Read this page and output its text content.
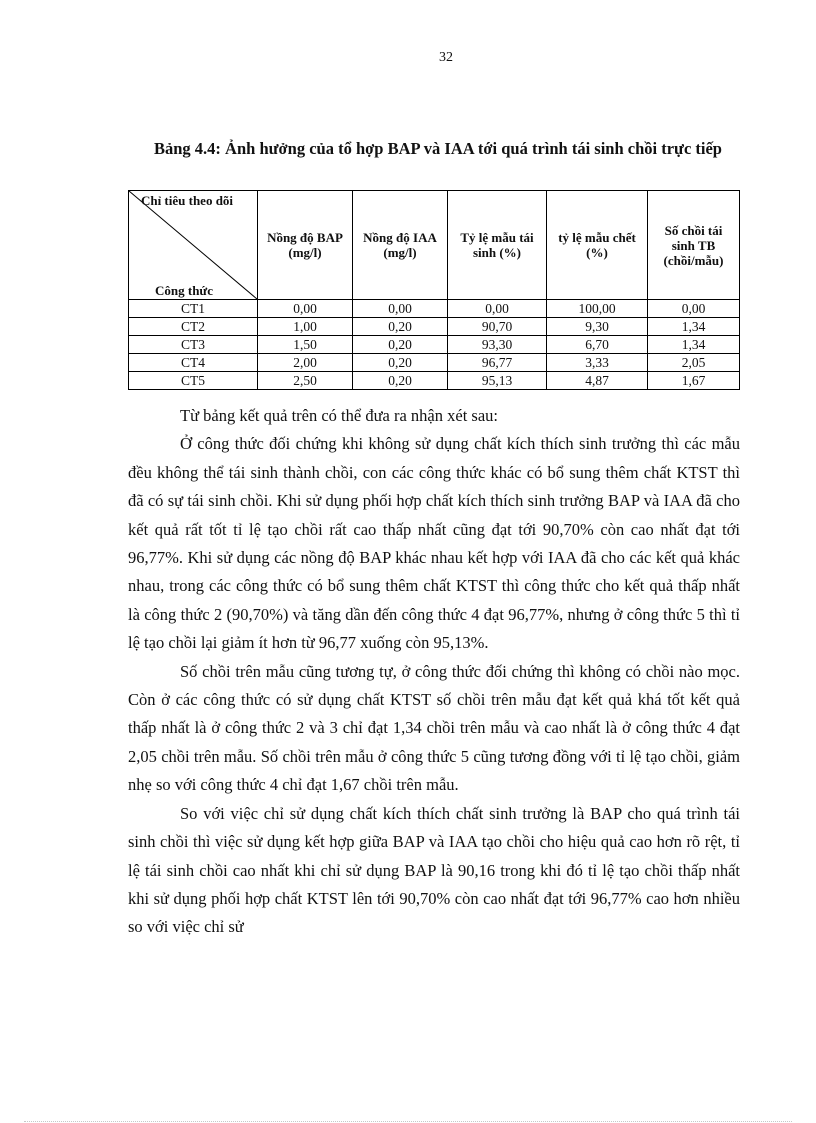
32
Bảng 4.4: Ảnh hưởng của tổ hợp BAP và IAA tới quá trình tái sinh chồi trực tiếp
Chỉ tiêu theo dõi
Công thức	Nồng độ BAP (mg/l)	Nồng độ IAA (mg/l)	Tỷ lệ mẫu tái sinh (%)	tỷ lệ mẫu chết (%)	Số chồi tái sinh TB (chồi/mẫu)
CT1	0,00	0,00	0,00	100,00	0,00
CT2	1,00	0,20	90,70	9,30	1,34
CT3	1,50	0,20	93,30	6,70	1,34
CT4	2,00	0,20	96,77	3,33	2,05
CT5	2,50	0,20	95,13	4,87	1,67

Từ bảng kết quả trên có thể đưa ra nhận xét sau:

Ở công thức đối chứng khi không sử dụng chất kích thích sinh trưởng thì các mẫu đều không thể tái sinh thành chồi, con các công thức khác có bổ sung thêm chất KTST thì đã có sự tái sinh chồi. Khi sử dụng phối hợp chất kích thích sinh trưởng BAP và IAA đã cho kết quả rất tốt tỉ lệ tạo chồi rất cao thấp nhất cũng đạt tới 90,70% còn cao nhất đạt tới 96,77%. Khi sử dụng các nồng độ BAP khác nhau kết hợp với IAA đã cho các kết quả khác nhau, trong các công thức có bổ sung thêm chất KTST thì công thức cho kết quả thấp nhất là công thức 2 (90,70%) và tăng dần đến công thức 4 đạt 96,77%, nhưng ở công thức 5 thì tỉ lệ tạo chồi lại giảm ít hơn từ 96,77 xuống còn 95,13%.

Số chồi trên mẫu cũng tương tự, ở công thức đối chứng thì không có chồi nào mọc. Còn ở các công thức có sử dụng chất KTST số chồi trên mẫu đạt kết quả khá tốt kết quả thấp nhất là ở công thức 2 và 3 chỉ đạt 1,34 chồi trên mẫu và cao nhất là ở công thức 4 đạt 2,05 chồi trên mẫu. Số chồi trên mẫu ở công thức 5 cũng tương đồng với tỉ lệ tạo chồi, giảm nhẹ so với công thức 4 chỉ đạt 1,67 chồi trên mẫu.

So với việc chỉ sử dụng chất kích thích chất sinh trưởng là BAP cho quá trình tái sinh chồi thì việc sử dụng kết hợp giữa BAP và IAA tạo chồi cho hiệu quả cao hơn rõ rệt, tỉ lệ tái sinh chồi cao nhất khi chỉ sử dụng BAP là 90,16 trong khi đó tỉ lệ tạo chồi thấp nhất khi sử dụng phối hợp chất KTST lên tới 90,70% còn cao nhất đạt tới 96,77% cao hơn nhiều so với việc chỉ sử
